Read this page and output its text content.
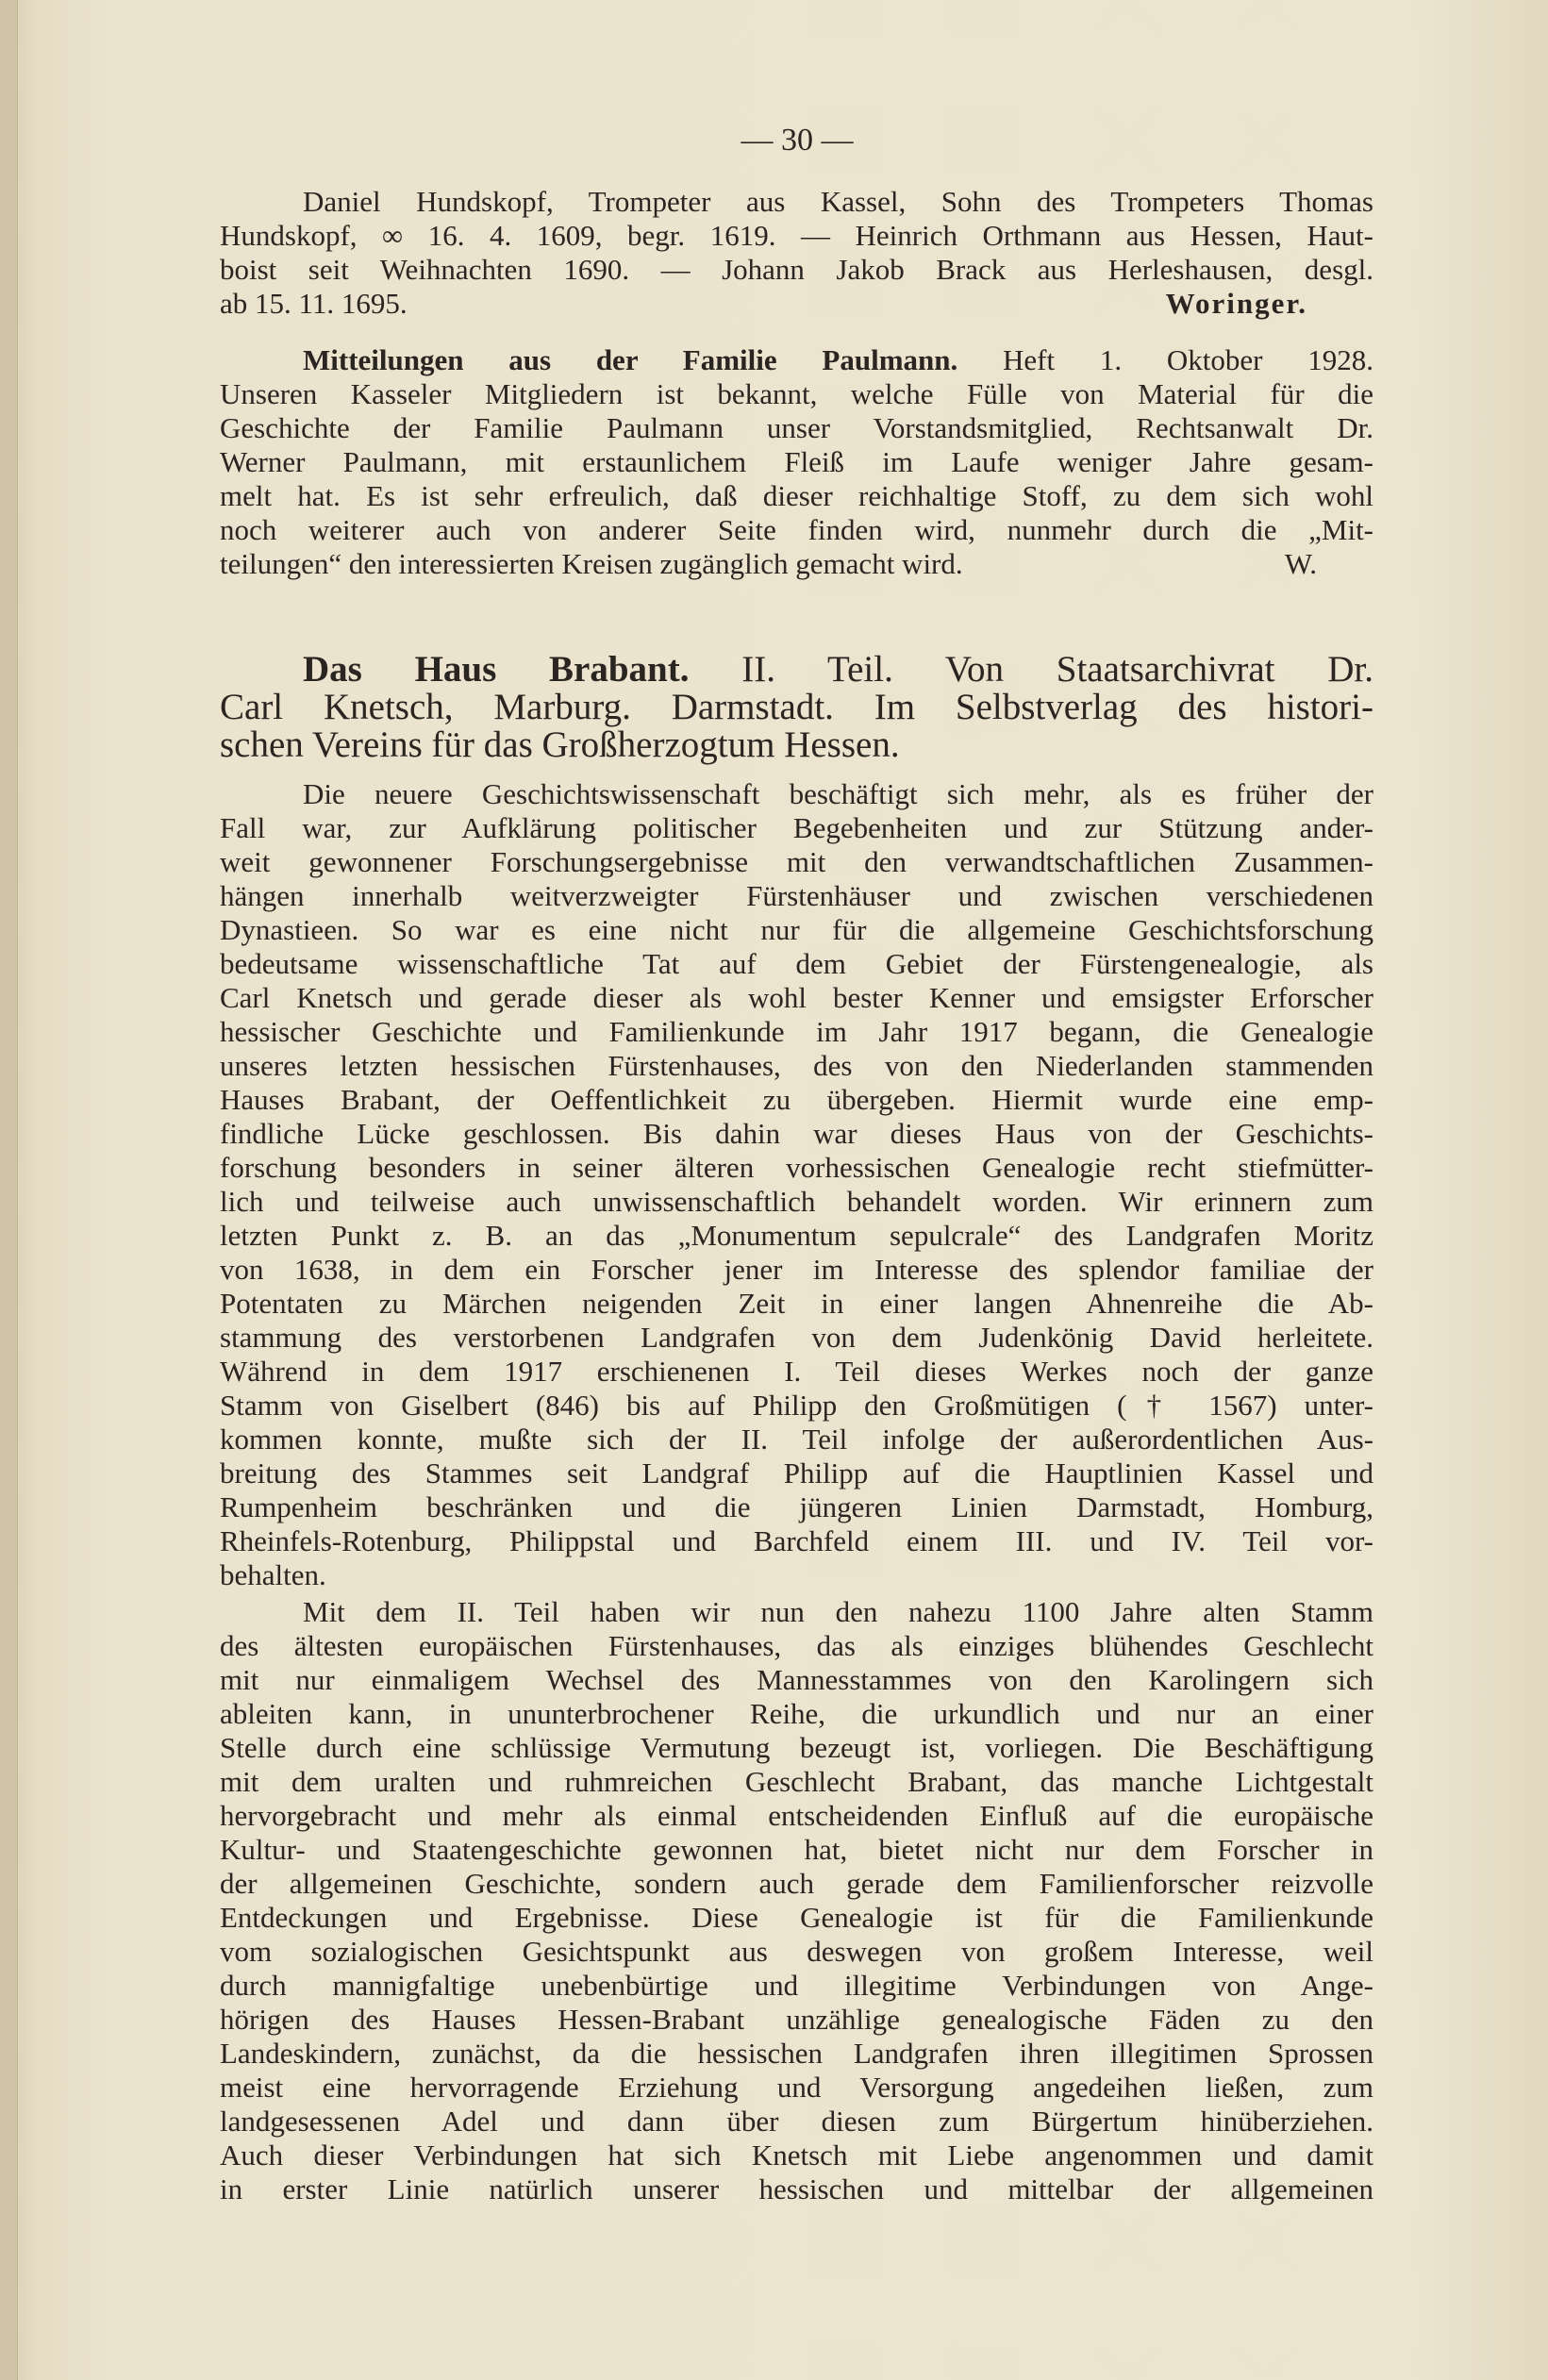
— 30 —
Daniel Hundskopf, Trompeter aus Kassel, Sohn des Trompeters Thomas
Hundskopf, ∞ 16. 4. 1609, begr. 1619. — Heinrich Orthmann aus Hessen, Haut-
boist seit Weihnachten 1690. — Johann Jakob Brack aus Herleshausen, desgl.
ab 15. 11. 1695.	Woringer.
Mitteilungen aus der Familie Paulmann. Heft 1. Oktober 1928.
Unseren Kasseler Mitgliedern ist bekannt, welche Fülle von Material für die
Geschichte der Familie Paulmann unser Vorstandsmitglied, Rechtsanwalt Dr.
Werner Paulmann, mit erstaunlichem Fleiß im Laufe weniger Jahre gesam-
melt hat. Es ist sehr erfreulich, daß dieser reichhaltige Stoff, zu dem sich wohl
noch weiterer auch von anderer Seite finden wird, nunmehr durch die „Mit-
teilungen“ den interessierten Kreisen zugänglich gemacht wird.	W.
Das Haus Brabant. II. Teil. Von Staatsarchivrat Dr.
Carl Knetsch, Marburg. Darmstadt. Im Selbstverlag des histori-
schen Vereins für das Großherzogtum Hessen.
Die neuere Geschichtswissenschaft beschäftigt sich mehr, als es früher der
Fall war, zur Aufklärung politischer Begebenheiten und zur Stützung ander-
weit gewonnener Forschungsergebnisse mit den verwandtschaftlichen Zusammen-
hängen innerhalb weitverzweigter Fürstenhäuser und zwischen verschiedenen
Dynastieen. So war es eine nicht nur für die allgemeine Geschichtsforschung
bedeutsame wissenschaftliche Tat auf dem Gebiet der Fürstengenealogie, als
Carl Knetsch und gerade dieser als wohl bester Kenner und emsigster Erforscher
hessischer Geschichte und Familienkunde im Jahr 1917 begann, die Genealogie
unseres letzten hessischen Fürstenhauses, des von den Niederlanden stammenden
Hauses Brabant, der Oeffentlichkeit zu übergeben. Hiermit wurde eine emp-
findliche Lücke geschlossen. Bis dahin war dieses Haus von der Geschichts-
forschung besonders in seiner älteren vorhessischen Genealogie recht stiefmütter-
lich und teilweise auch unwissenschaftlich behandelt worden. Wir erinnern zum
letzten Punkt z. B. an das „Monumentum sepulcrale“ des Landgrafen Moritz
von 1638, in dem ein Forscher jener im Interesse des splendor familiae der
Potentaten zu Märchen neigenden Zeit in einer langen Ahnenreihe die Ab-
stammung des verstorbenen Landgrafen von dem Judenkönig David herleitete.
Während in dem 1917 erschienenen I. Teil dieses Werkes noch der ganze
Stamm von Giselbert (846) bis auf Philipp den Großmütigen († 1567) unter-
kommen konnte, mußte sich der II. Teil infolge der außerordentlichen Aus-
breitung des Stammes seit Landgraf Philipp auf die Hauptlinien Kassel und
Rumpenheim beschränken und die jüngeren Linien Darmstadt, Homburg,
Rheinfels-Rotenburg, Philippstal und Barchfeld einem III. und IV. Teil vor-
behalten.
Mit dem II. Teil haben wir nun den nahezu 1100 Jahre alten Stamm
des ältesten europäischen Fürstenhauses, das als einziges blühendes Geschlecht
mit nur einmaligem Wechsel des Mannesstammes von den Karolingern sich
ableiten kann, in ununterbrochener Reihe, die urkundlich und nur an einer
Stelle durch eine schlüssige Vermutung bezeugt ist, vorliegen. Die Beschäftigung
mit dem uralten und ruhmreichen Geschlecht Brabant, das manche Lichtgestalt
hervorgebracht und mehr als einmal entscheidenden Einfluß auf die europäische
Kultur- und Staatengeschichte gewonnen hat, bietet nicht nur dem Forscher in
der allgemeinen Geschichte, sondern auch gerade dem Familienforscher reizvolle
Entdeckungen und Ergebnisse. Diese Genealogie ist für die Familienkunde
vom sozialogischen Gesichtspunkt aus deswegen von großem Interesse, weil
durch mannigfaltige unebenbürtige und illegitime Verbindungen von Ange-
hörigen des Hauses Hessen-Brabant unzählige genealogische Fäden zu den
Landeskindern, zunächst, da die hessischen Landgrafen ihren illegitimen Sprossen
meist eine hervorragende Erziehung und Versorgung angedeihen ließen, zum
landgesessenen Adel und dann über diesen zum Bürgertum hinüberziehen.
Auch dieser Verbindungen hat sich Knetsch mit Liebe angenommen und damit
in erster Linie natürlich unserer hessischen und mittelbar der allgemeinen
